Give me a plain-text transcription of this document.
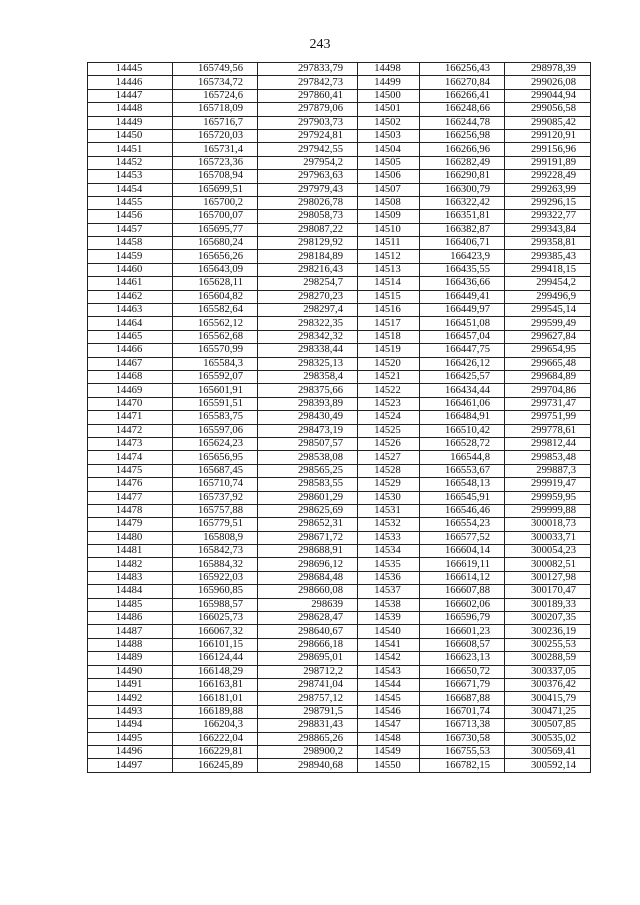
243
14445	165749,56	297833,79	14498	166256,43	298978,39
14446	165734,72	297842,73	14499	166270,84	299026,08
14447	165724,6	297860,41	14500	166266,41	299044,94
14448	165718,09	297879,06	14501	166248,66	299056,58
14449	165716,7	297903,73	14502	166244,78	299085,42
14450	165720,03	297924,81	14503	166256,98	299120,91
14451	165731,4	297942,55	14504	166266,96	299156,96
14452	165723,36	297954,2	14505	166282,49	299191,89
14453	165708,94	297963,63	14506	166290,81	299228,49
14454	165699,51	297979,43	14507	166300,79	299263,99
14455	165700,2	298026,78	14508	166322,42	299296,15
14456	165700,07	298058,73	14509	166351,81	299322,77
14457	165695,77	298087,22	14510	166382,87	299343,84
14458	165680,24	298129,92	14511	166406,71	299358,81
14459	165656,26	298184,89	14512	166423,9	299385,43
14460	165643,09	298216,43	14513	166435,55	299418,15
14461	165628,11	298254,7	14514	166436,66	299454,2
14462	165604,82	298270,23	14515	166449,41	299496,9
14463	165582,64	298297,4	14516	166449,97	299545,14
14464	165562,12	298322,35	14517	166451,08	299599,49
14465	165562,68	298342,32	14518	166457,04	299627,84
14466	165570,99	298338,44	14519	166447,75	299654,95
14467	165584,3	298325,13	14520	166426,12	299665,48
14468	165592,07	298358,4	14521	166425,57	299684,89
14469	165601,91	298375,66	14522	166434,44	299704,86
14470	165591,51	298393,89	14523	166461,06	299731,47
14471	165583,75	298430,49	14524	166484,91	299751,99
14472	165597,06	298473,19	14525	166510,42	299778,61
14473	165624,23	298507,57	14526	166528,72	299812,44
14474	165656,95	298538,08	14527	166544,8	299853,48
14475	165687,45	298565,25	14528	166553,67	299887,3
14476	165710,74	298583,55	14529	166548,13	299919,47
14477	165737,92	298601,29	14530	166545,91	299959,95
14478	165757,88	298625,69	14531	166546,46	299999,88
14479	165779,51	298652,31	14532	166554,23	300018,73
14480	165808,9	298671,72	14533	166577,52	300033,71
14481	165842,73	298688,91	14534	166604,14	300054,23
14482	165884,32	298696,12	14535	166619,11	300082,51
14483	165922,03	298684,48	14536	166614,12	300127,98
14484	165960,85	298660,08	14537	166607,88	300170,47
14485	165988,57	298639	14538	166602,06	300189,33
14486	166025,73	298628,47	14539	166596,79	300207,35
14487	166067,32	298640,67	14540	166601,23	300236,19
14488	166101,15	298666,18	14541	166608,57	300255,53
14489	166124,44	298695,01	14542	166623,13	300288,59
14490	166148,29	298712,2	14543	166650,72	300337,05
14491	166163,81	298741,04	14544	166671,79	300376,42
14492	166181,01	298757,12	14545	166687,88	300415,79
14493	166189,88	298791,5	14546	166701,74	300471,25
14494	166204,3	298831,43	14547	166713,38	300507,85
14495	166222,04	298865,26	14548	166730,58	300535,02
14496	166229,81	298900,2	14549	166755,53	300569,41
14497	166245,89	298940,68	14550	166782,15	300592,14
